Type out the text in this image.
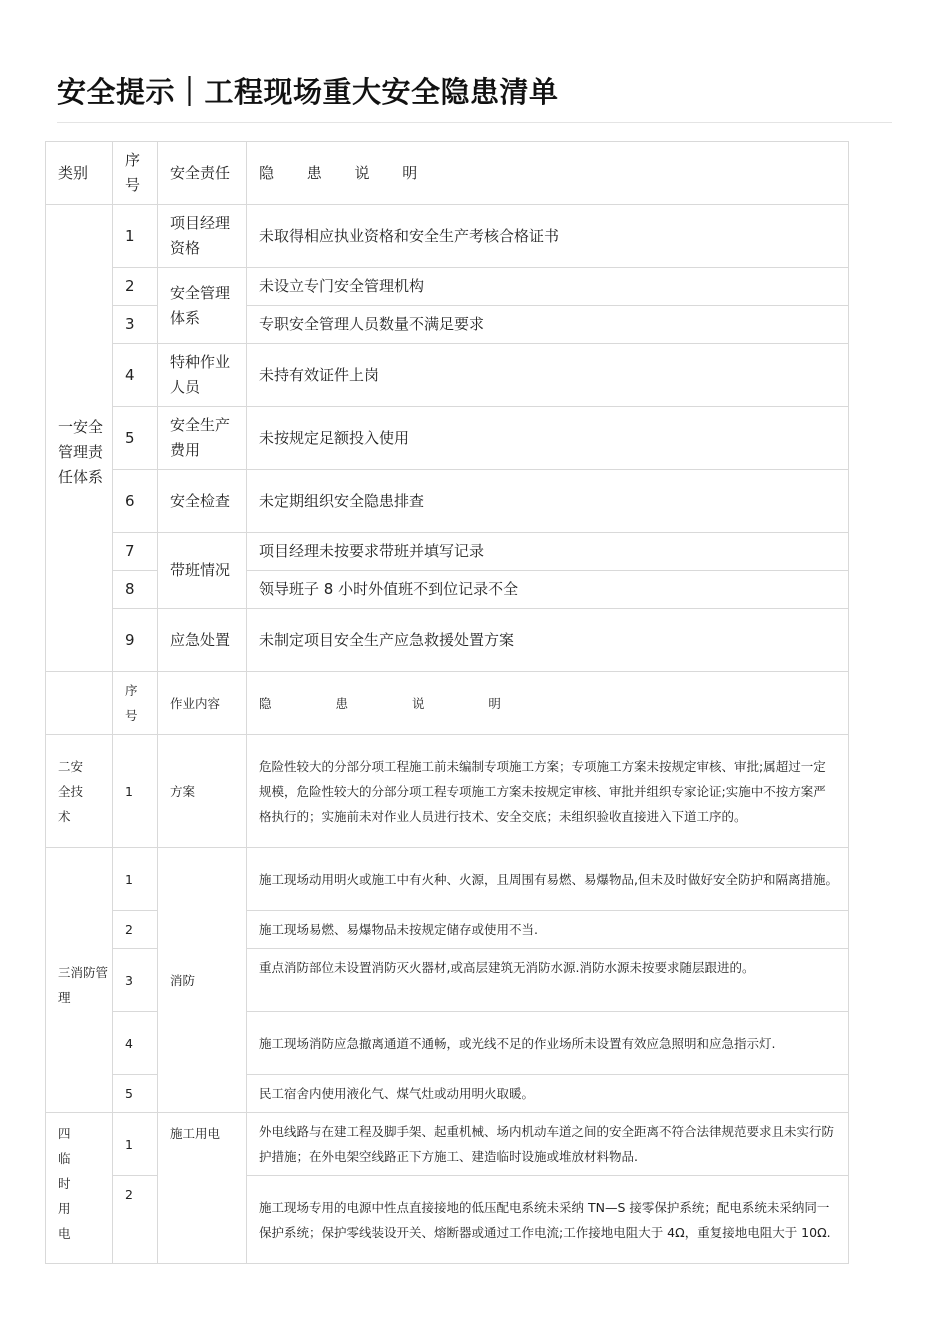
安全提示｜工程现场重大安全隐患清单
类别	序号	安全责任	隐 患 说 明
一安全管理责任体系	1	项目经理资格	未取得相应执业资格和安全生产考核合格证书
	2	安全管理体系	未设立专门安全管理机构
	3		专职安全管理人员数量不满足要求
	4	特种作业人员	未持有效证件上岗
	5	安全生产费用	未按规定足额投入使用
	6	安全检查	未定期组织安全隐患排查
	7	带班情况	项目经理未按要求带班并填写记录
	8		领导班子 8 小时外值班不到位记录不全
	9	应急处置	未制定项目安全生产应急救援处置方案
	序号	作业内容	隐 患 说 明

二安全技术	1	方案	危险性较大的分部分项工程施工前未编制专项施工方案；专项施工方案未按规定审核、审批;属超过一定规模，危险性较大的分部分项工程专项施工方案未按规定审核、审批并组织专家论证;实施中不按方案严格执行的；实施前未对作业人员进行技术、安全交底；未组织验收直接进入下道工序的。
三消防管理	1	消防	施工现场动用明火或施工中有火种、火源，且周围有易燃、易爆物品,但未及时做好安全防护和隔离措施。
	2		施工现场易燃、易爆物品未按规定储存或使用不当.
	3		重点消防部位未设置消防灭火器材,或高层建筑无消防水源.消防水源未按要求随层跟进的。
	4		施工现场消防应急撤离通道不通畅，或光线不足的作业场所未设置有效应急照明和应急指示灯.
	5		民工宿舍内使用液化气、煤气灶或动用明火取暖。

四临时用电	1	施工用电	外电线路与在建工程及脚手架、起重机械、场内机动车道之间的安全距离不符合法律规范要求且未实行防护措施；在外电架空线路正下方施工、建造临时设施或堆放材料物品.
	2		施工现场专用的电源中性点直接接地的低压配电系统未采纳 TN—S 接零保护系统；配电系统未采纳同一保护系统；保护零线装设开关、熔断器或通过工作电流;工作接地电阻大于 4Ω，重复接地电阻大于 10Ω.
